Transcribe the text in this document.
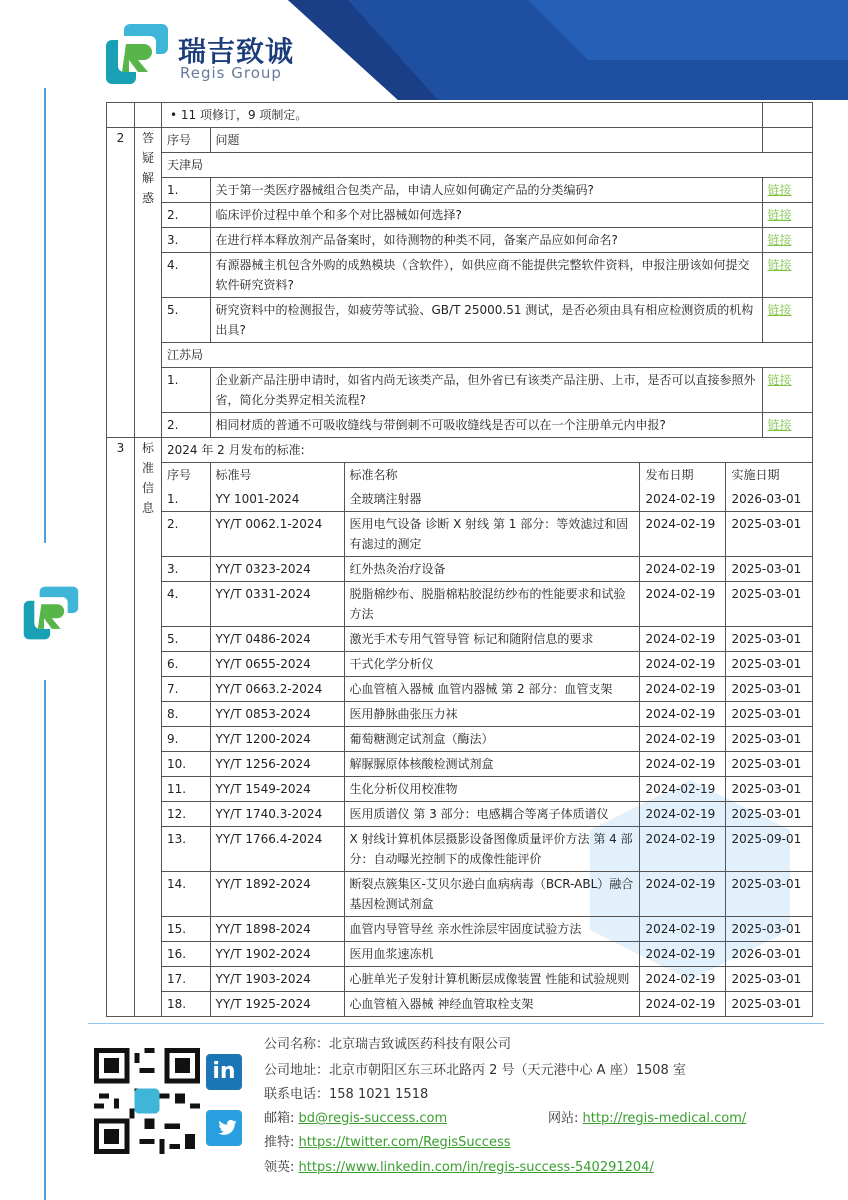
瑞吉致诚
Regis Group

• 11 项修订，9 项制定。	

2	答疑解惑	
序号	问题	
天津局
1.	关于第一类医疗器械组合包类产品，申请人应如何确定产品的分类编码?	链接
2.	临床评价过程中单个和多个对比器械如何选择?	链接
3.	在进行样本释放剂产品备案时，如待测物的种类不同，备案产品应如何命名?	链接
4.	有源器械主机包含外购的成熟模块（含软件），如供应商不能提供完整软件资料，申报注册该如何提交软件研究资料?	链接
5.	研究资料中的检测报告，如疲劳等试验、GB/T 25000.51 测试，是否必须由具有相应检测资质的机构出具?	链接
江苏局
1.	企业新产品注册申请时，如省内尚无该类产品，但外省已有该类产品注册、上市，是否可以直接参照外省，简化分类界定相关流程?	链接
2.	相同材质的普通不可吸收缝线与带倒刺不可吸收缝线是否可以在一个注册单元内申报?	链接

3	标准信息	
2024 年 2 月发布的标准:
序号	标准号	标准名称	发布日期	实施日期
1.	YY 1001-2024	全玻璃注射器	2024-02-19	2026-03-01
2.	YY/T 0062.1-2024	医用电气设备 诊断 X 射线 第 1 部分：等效滤过和固有滤过的测定	2024-02-19	2025-03-01
3.	YY/T 0323-2024	红外热灸治疗设备	2024-02-19	2025-03-01
4.	YY/T 0331-2024	脱脂棉纱布、脱脂棉粘胶混纺纱布的性能要求和试验方法	2024-02-19	2025-03-01
5.	YY/T 0486-2024	激光手术专用气管导管 标记和随附信息的要求	2024-02-19	2025-03-01
6.	YY/T 0655-2024	干式化学分析仪	2024-02-19	2025-03-01
7.	YY/T 0663.2-2024	心血管植入器械 血管内器械 第 2 部分：血管支架	2024-02-19	2025-03-01
8.	YY/T 0853-2024	医用静脉曲张压力袜	2024-02-19	2025-03-01
9.	YY/T 1200-2024	葡萄糖测定试剂盒（酶法）	2024-02-19	2025-03-01
10.	YY/T 1256-2024	解脲脲原体核酸检测试剂盒	2024-02-19	2025-03-01
11.	YY/T 1549-2024	生化分析仪用校准物	2024-02-19	2025-03-01
12.	YY/T 1740.3-2024	医用质谱仪 第 3 部分：电感耦合等离子体质谱仪	2024-02-19	2025-03-01
13.	YY/T 1766.4-2024	X 射线计算机体层摄影设备图像质量评价方法 第 4 部分：自动曝光控制下的成像性能评价	2024-02-19	2025-09-01
14.	YY/T 1892-2024	断裂点簇集区-艾贝尔逊白血病病毒（BCR-ABL）融合基因检测试剂盒	2024-02-19	2025-03-01
15.	YY/T 1898-2024	血管内导管导丝 亲水性涂层牢固度试验方法	2024-02-19	2025-03-01
16.	YY/T 1902-2024	医用血浆速冻机	2024-02-19	2026-03-01
17.	YY/T 1903-2024	心脏单光子发射计算机断层成像装置 性能和试验规则	2024-02-19	2025-03-01
18.	YY/T 1925-2024	心血管植入器械 神经血管取栓支架	2024-02-19	2025-03-01
in
公司名称：北京瑞吉致诚医药科技有限公司
公司地址：北京市朝阳区东三环北路丙 2 号（天元港中心 A 座）1508 室
联系电话：158 1021 1518
邮箱: bd@regis-success.com	网站: http://regis-medical.com/
推特: https://twitter.com/RegisSuccess
领英: https://www.linkedin.com/in/regis-success-540291204/
